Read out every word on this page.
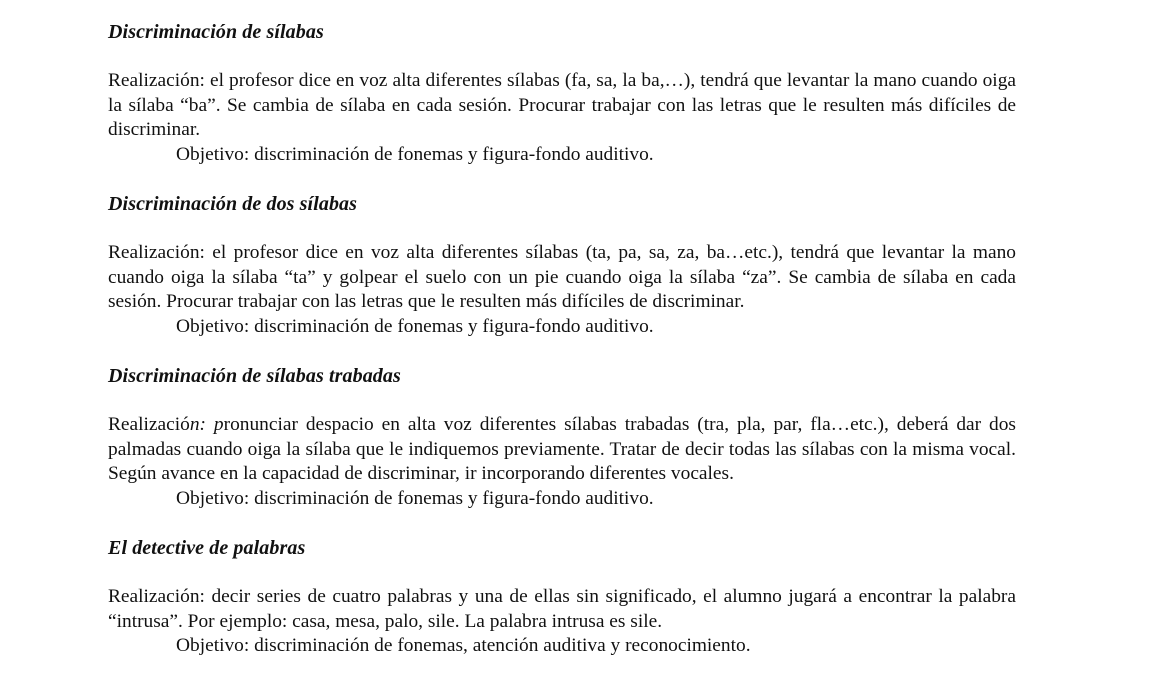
Discriminación de sílabas

Realización: el profesor dice en voz alta diferentes sílabas (fa, sa, la ba,…), tendrá que levantar la mano cuando oiga la sílaba “ba”. Se cambia de sílaba en cada sesión. Procurar trabajar con las letras que le resulten más difíciles de discriminar.

Objetivo: discriminación de fonemas y figura-fondo auditivo.

Discriminación de dos sílabas

Realización: el profesor dice en voz alta diferentes sílabas (ta, pa, sa, za, ba…etc.), tendrá que levantar la mano cuando oiga la sílaba “ta” y golpear el suelo con un pie cuando oiga la sílaba “za”. Se cambia de sílaba en cada sesión. Procurar trabajar con las letras que le resulten más difíciles de discriminar.

Objetivo: discriminación de fonemas y figura-fondo auditivo.

Discriminación de sílabas trabadas

Realización: pronunciar despacio en alta voz diferentes sílabas trabadas (tra, pla, par, fla…etc.), deberá dar dos palmadas cuando oiga la sílaba que le indiquemos previamente. Tratar de decir todas las sílabas con la misma vocal. Según avance en la capacidad de discriminar, ir incorporando diferentes vocales.

Objetivo: discriminación de fonemas y figura-fondo auditivo.

El detective de palabras

Realización: decir series de cuatro palabras y una de ellas sin significado, el alumno jugará a encontrar la palabra “intrusa”. Por ejemplo: casa, mesa, palo, sile. La palabra intrusa es sile.

Objetivo: discriminación de fonemas, atención auditiva y reconocimiento.
